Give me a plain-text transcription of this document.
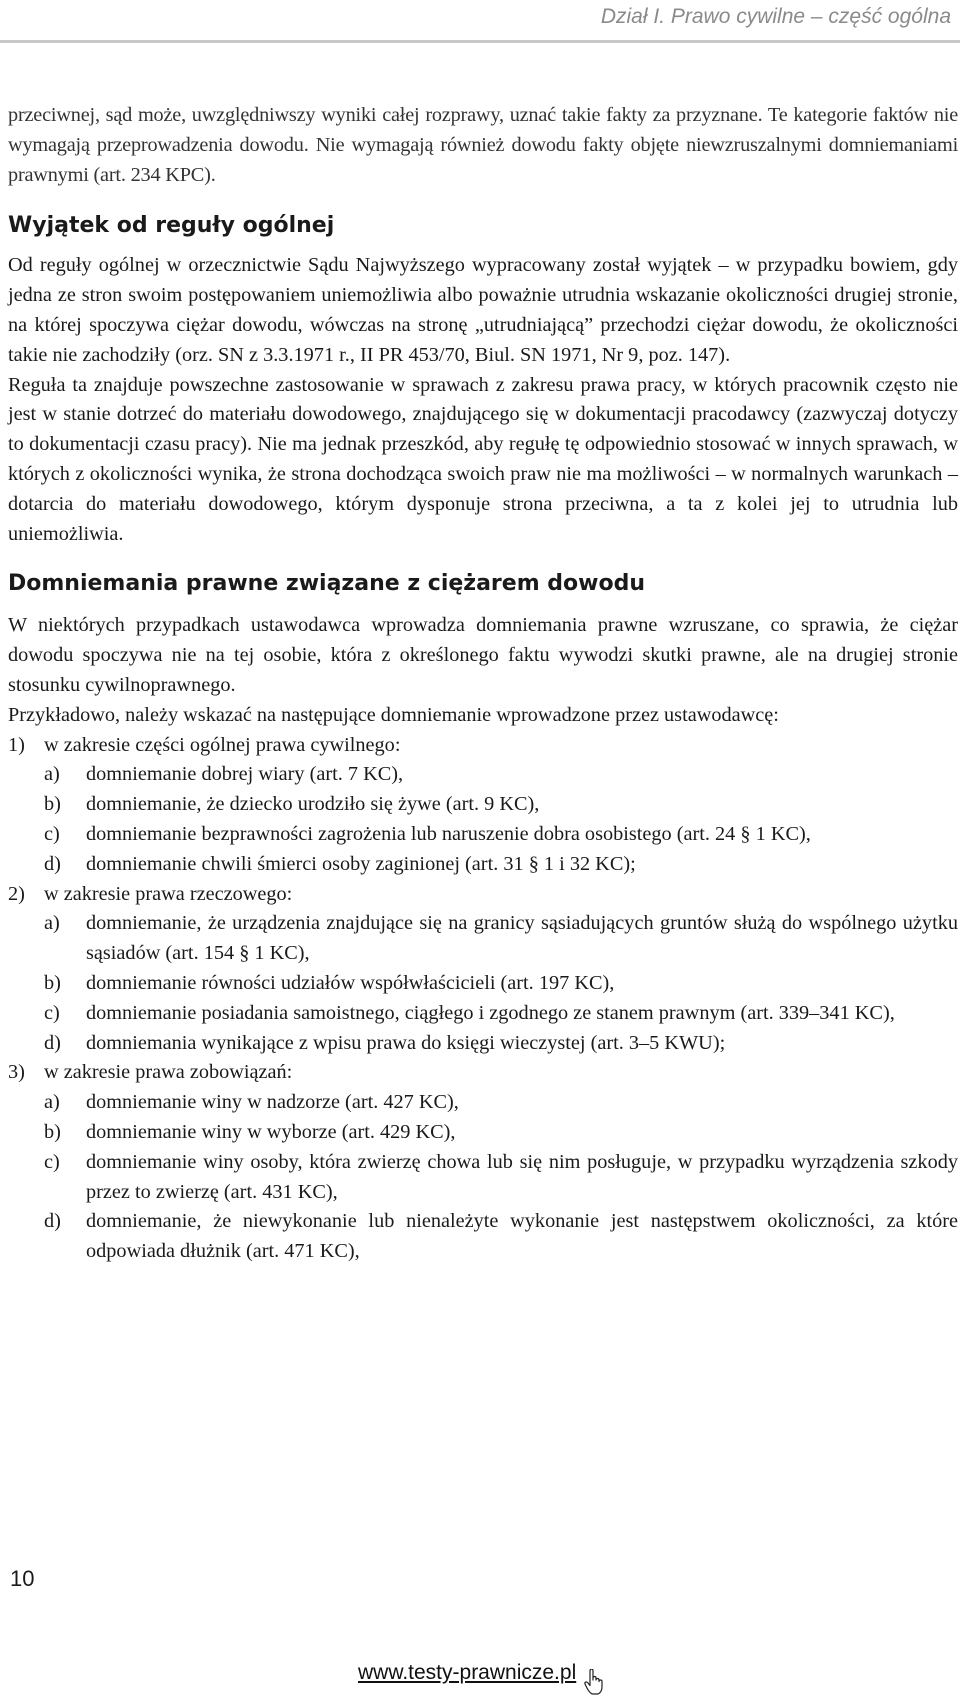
Dział I. Prawo cywilne – część ogólna

przeciwnej, sąd może, uwzględniwszy wyniki całej rozprawy, uznać takie fakty za przyznane. Te kategorie faktów nie wymagają przeprowadzenia dowodu. Nie wymagają również dowodu fakty objęte niewzruszalnymi domniemaniami prawnymi (art. 234 KPC).

Wyjątek od reguły ogólnej

Od reguły ogólnej w orzecznictwie Sądu Najwyższego wypracowany został wyjątek – w przypadku bowiem, gdy jedna ze stron swoim postępowaniem uniemożliwia albo poważnie utrudnia wskazanie okoliczności drugiej stronie, na której spoczywa ciężar dowodu, wówczas na stronę „utrudniającą” przechodzi ciężar dowodu, że okoliczności takie nie zachodziły (orz. SN z 3.3.1971 r., II PR 453/70, Biul. SN 1971, Nr 9, poz. 147).

Reguła ta znajduje powszechne zastosowanie w sprawach z zakresu prawa pracy, w których pracownik często nie jest w stanie dotrzeć do materiału dowodowego, znajdującego się w dokumentacji pracodawcy (zazwyczaj dotyczy to dokumentacji czasu pracy). Nie ma jednak przeszkód, aby regułę tę odpowiednio stosować w innych sprawach, w których z okoliczności wynika, że strona dochodząca swoich praw nie ma możliwości – w normalnych warunkach – dotarcia do materiału dowodowego, którym dysponuje strona przeciwna, a ta z kolei jej to utrudnia lub uniemożliwia.

Domniemania prawne związane z ciężarem dowodu

W niektórych przypadkach ustawodawca wprowadza domniemania prawne wzruszane, co sprawia, że ciężar dowodu spoczywa nie na tej osobie, która z określonego faktu wywodzi skutki prawne, ale na drugiej stronie stosunku cywilnoprawnego.

Przykładowo, należy wskazać na następujące domniemanie wprowadzone przez ustawodawcę:

1) w zakresie części ogólnej prawa cywilnego:
a) domniemanie dobrej wiary (art. 7 KC),
b) domniemanie, że dziecko urodziło się żywe (art. 9 KC),
c) domniemanie bezprawności zagrożenia lub naruszenie dobra osobistego (art. 24 § 1 KC),
d) domniemanie chwili śmierci osoby zaginionej (art. 31 § 1 i 32 KC);
2) w zakresie prawa rzeczowego:
a) domniemanie, że urządzenia znajdujące się na granicy sąsiadujących gruntów służą do wspólnego użytku sąsiadów (art. 154 § 1 KC),
b) domniemanie równości udziałów współwłaścicieli (art. 197 KC),
c) domniemanie posiadania samoistnego, ciągłego i zgodnego ze stanem prawnym (art. 339–341 KC),
d) domniemania wynikające z wpisu prawa do księgi wieczystej (art. 3–5 KWU);
3) w zakresie prawa zobowiązań:
a) domniemanie winy w nadzorze (art. 427 KC),
b) domniemanie winy w wyborze (art. 429 KC),
c) domniemanie winy osoby, która zwierzę chowa lub się nim posługuje, w przypadku wyrządzenia szkody przez to zwierzę (art. 431 KC),
d) domniemanie, że niewykonanie lub nienależyte wykonanie jest następstwem okoliczności, za które odpowiada dłużnik (art. 471 KC),
10
www.testy-prawnicze.pl
